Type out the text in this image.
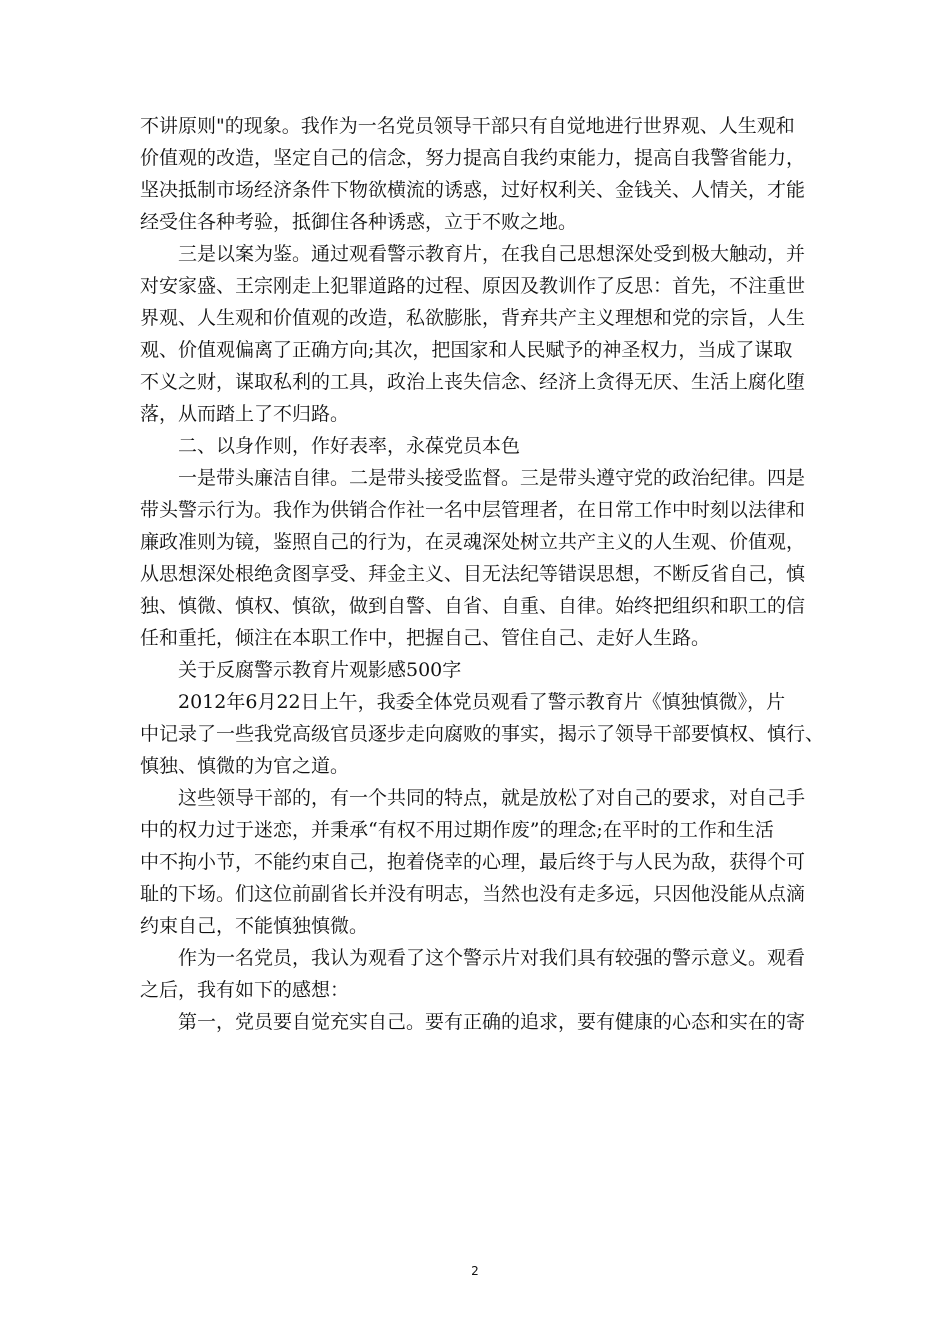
不讲原则"的现象。我作为一名党员领导干部只有自觉地进行世界观、人生观和
价值观的改造，坚定自己的信念，努力提高自我约束能力，提高自我警省能力，
坚决抵制市场经济条件下物欲横流的诱惑，过好权利关、金钱关、人情关，才能
经受住各种考验，抵御住各种诱惑，立于不败之地。
三是以案为鉴。通过观看警示教育片，在我自己思想深处受到极大触动，并
对安家盛、王宗刚走上犯罪道路的过程、原因及教训作了反思：首先，不注重世
界观、人生观和价值观的改造，私欲膨胀，背弃共产主义理想和党的宗旨，人生
观、价值观偏离了正确方向;其次，把国家和人民赋予的神圣权力，当成了谋取
不义之财，谋取私利的工具，政治上丧失信念、经济上贪得无厌、生活上腐化堕
落，从而踏上了不归路。
二、以身作则，作好表率，永葆党员本色
一是带头廉洁自律。二是带头接受监督。三是带头遵守党的政治纪律。四是
带头警示行为。我作为供销合作社一名中层管理者，在日常工作中时刻以法律和
廉政准则为镜，鉴照自己的行为，在灵魂深处树立共产主义的人生观、价值观，
从思想深处根绝贪图享受、拜金主义、目无法纪等错误思想，不断反省自己，慎
独、慎微、慎权、慎欲，做到自警、自省、自重、自律。始终把组织和职工的信
任和重托，倾注在本职工作中，把握自己、管住自己、走好人生路。
关于反腐警示教育片观影感500字
2012年6月22日上午，我委全体党员观看了警示教育片《慎独慎微》，片
中记录了一些我党高级官员逐步走向腐败的事实，揭示了领导干部要慎权、慎行、
慎独、慎微的为官之道。
这些领导干部的，有一个共同的特点，就是放松了对自己的要求，对自己手
中的权力过于迷恋，并秉承“有权不用过期作废”的理念;在平时的工作和生活
中不拘小节，不能约束自己，抱着侥幸的心理，最后终于与人民为敌，获得个可
耻的下场。们这位前副省长并没有明志，当然也没有走多远，只因他没能从点滴
约束自己，不能慎独慎微。
作为一名党员，我认为观看了这个警示片对我们具有较强的警示意义。观看
之后，我有如下的感想：
第一，党员要自觉充实自己。要有正确的追求，要有健康的心态和实在的寄
2
